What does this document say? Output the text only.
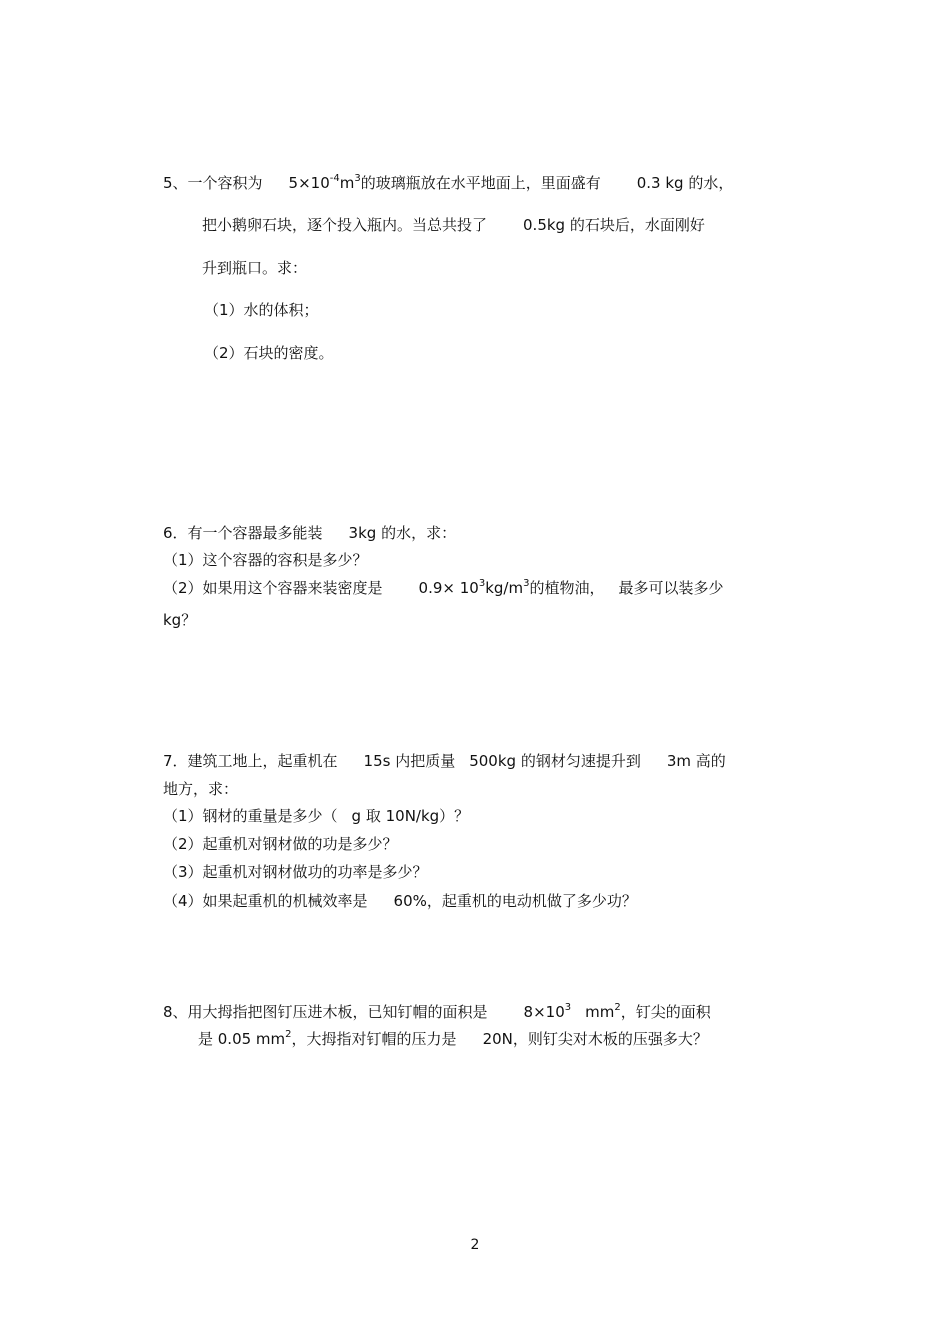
5、一个容积为 $5\times 10^{-4}m^3$的玻璃瓶放在水平地面上，里面盛有 0.3 kg 的水，
把小鹅卵石块，逐个投入瓶内。当总共投了 0.5kg 的石块后，水面刚好
升到瓶口。求：
（1）水的体积；
（2）石块的密度。
6．有一个容器最多能装 3kg 的水，求：
（1）这个容器的容积是多少？
（2）如果用这个容器来装密度是 $0.9\times 10^3kg/m^3$的植物油， 最多可以装多少
kg？
7．建筑工地上，起重机在 15s 内把质量 500kg 的钢材匀速提升到 3m 高的
地方，求：
（1）钢材的重量是多少（ g 取 10N/kg）？
（2）起重机对钢材做的功是多少？
（3）起重机对钢材做功的功率是多少？
（4）如果起重机的机械效率是 60%，起重机的电动机做了多少功？
8、用大拇指把图钉压进木板，已知钉帽的面积是 $8\times 10^3$ $mm^2$，钉尖的面积
是 0.05 $mm^2$，大拇指对钉帽的压力是 20N，则钉尖对木板的压强多大？
2
